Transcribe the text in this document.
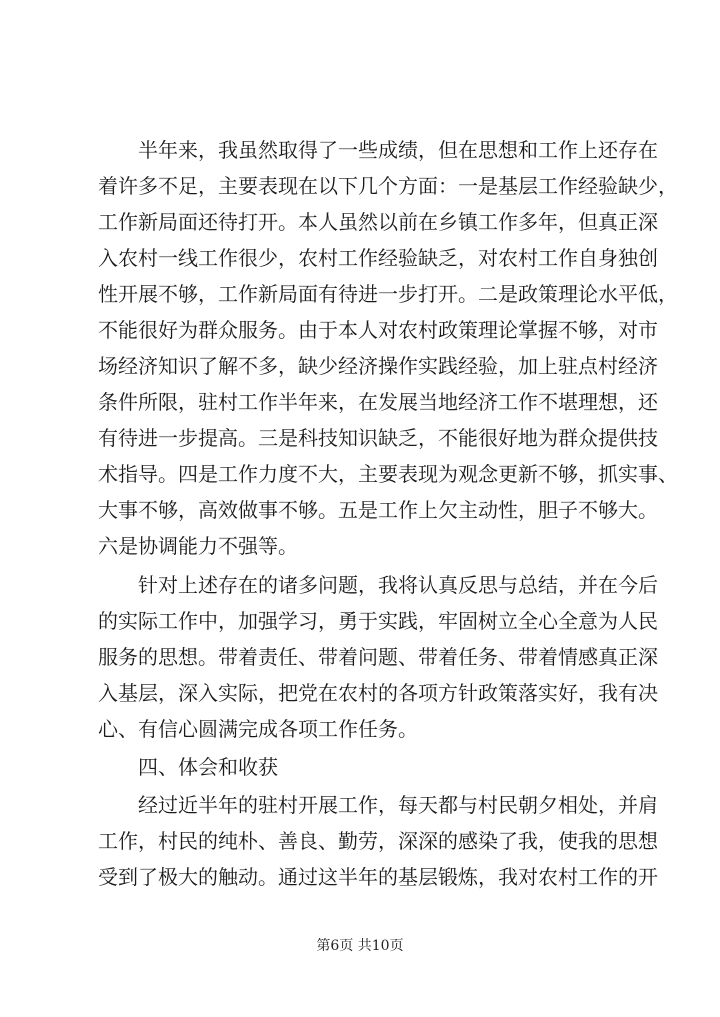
　　半年来，我虽然取得了一些成绩，但在思想和工作上还存在
着许多不足，主要表现在以下几个方面：一是基层工作经验缺少，
工作新局面还待打开。本人虽然以前在乡镇工作多年，但真正深
入农村一线工作很少，农村工作经验缺乏，对农村工作自身独创
性开展不够，工作新局面有待进一步打开。二是政策理论水平低，
不能很好为群众服务。由于本人对农村政策理论掌握不够，对市
场经济知识了解不多，缺少经济操作实践经验，加上驻点村经济
条件所限，驻村工作半年来，在发展当地经济工作不堪理想，还
有待进一步提高。三是科技知识缺乏，不能很好地为群众提供技
术指导。四是工作力度不大，主要表现为观念更新不够，抓实事、
大事不够，高效做事不够。五是工作上欠主动性，胆子不够大。
六是协调能力不强等。
　　针对上述存在的诸多问题，我将认真反思与总结，并在今后
的实际工作中，加强学习，勇于实践，牢固树立全心全意为人民
服务的思想。带着责任、带着问题、带着任务、带着情感真正深
入基层，深入实际，把党在农村的各项方针政策落实好，我有决
心、有信心圆满完成各项工作任务。
　　四、体会和收获
　　经过近半年的驻村开展工作，每天都与村民朝夕相处，并肩
工作，村民的纯朴、善良、勤劳，深深的感染了我，使我的思想
受到了极大的触动。通过这半年的基层锻炼，我对农村工作的开
第6页 共10页
